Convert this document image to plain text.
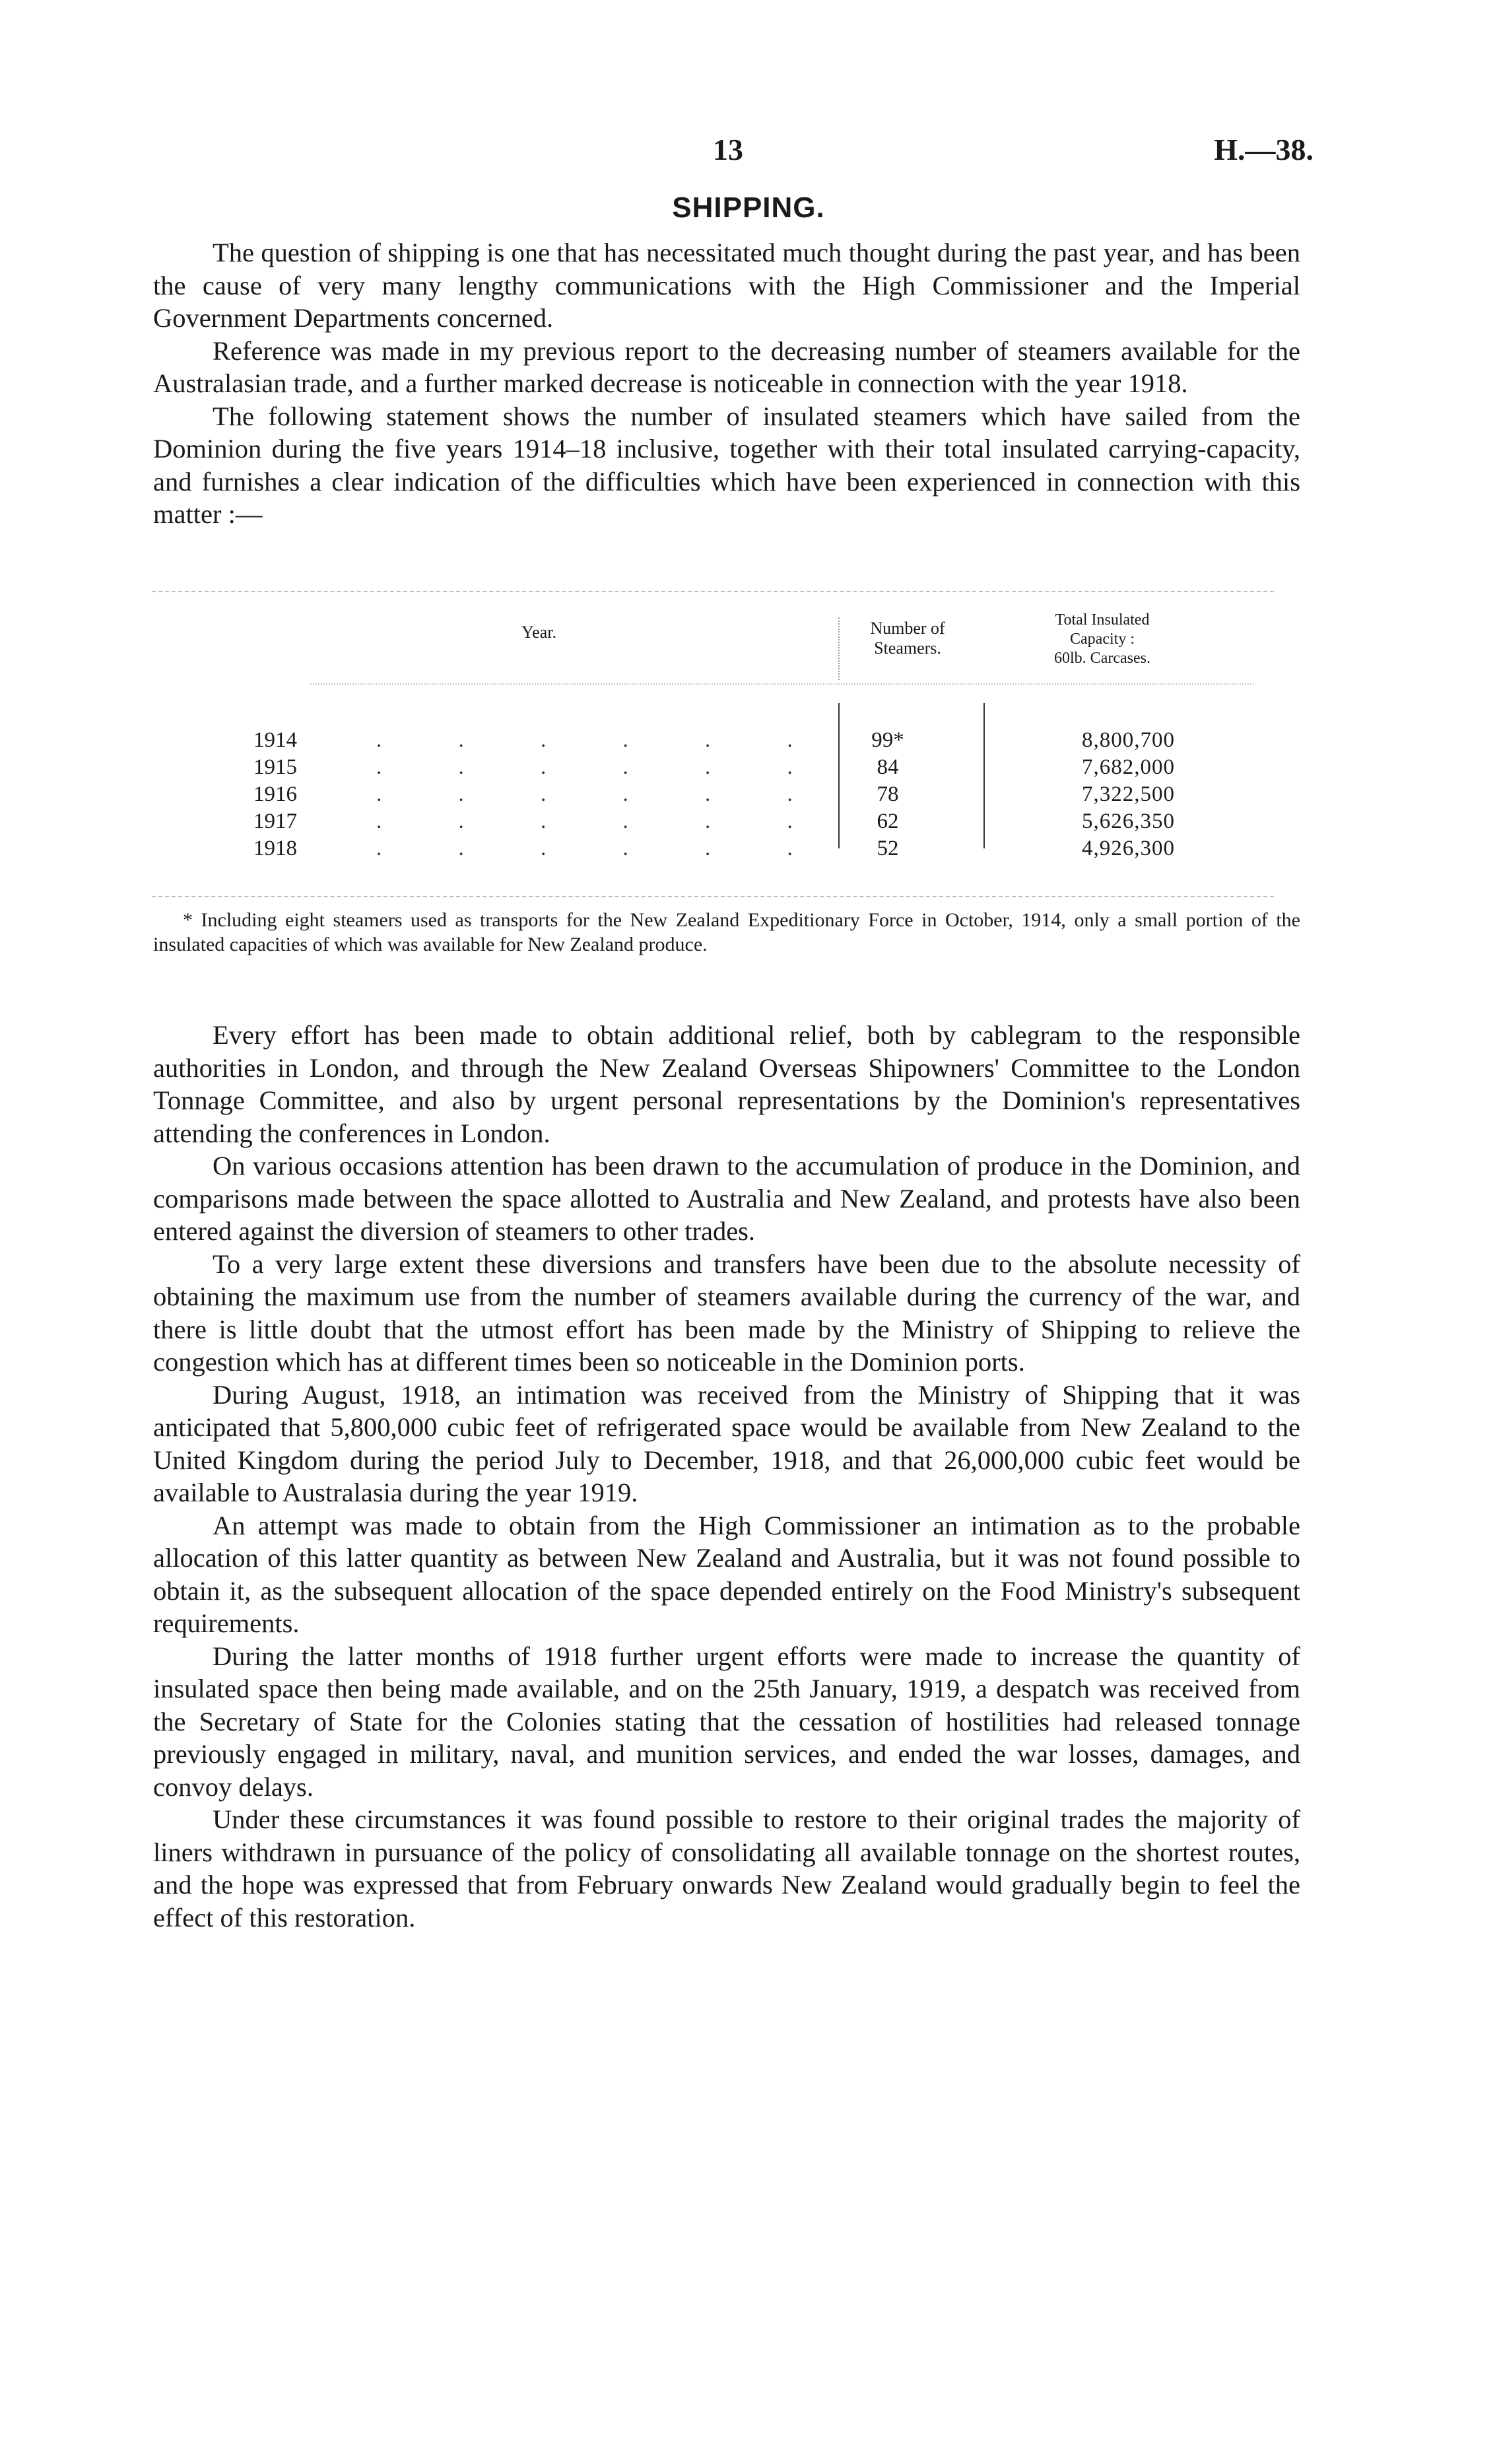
13	H.—38.
SHIPPING.

The question of shipping is one that has necessitated much thought during the past year, and has been the cause of very many lengthy communications with the High Commissioner and the Imperial Government Departments concerned.

Reference was made in my previous report to the decreasing number of steamers available for the Australasian trade, and a further marked decrease is noticeable in connection with the year 1918.

The following statement shows the number of insulated steamers which have sailed from the Dominion during the five years 1914–18 inclusive, together with their total insulated carrying-capacity, and furnishes a clear indication of the difficulties which have been experienced in connection with this matter :—

Year.	Number of
Steamers.
Total Insulated
Capacity :
60lb. Carcases.
1914	. . . . . .	99*	8,800,700
1915	. . . . . .	84	7,682,000
1916	. . . . . .	78	7,322,500
1917	. . . . . .	62	5,626,350
1918	. . . . . .	52	4,926,300

* Including eight steamers used as transports for the New Zealand Expeditionary Force in October, 1914, only a small portion of the insulated capacities of which was available for New Zealand produce.

Every effort has been made to obtain additional relief, both by cablegram to the responsible authorities in London, and through the New Zealand Overseas Shipowners' Committee to the London Tonnage Committee, and also by urgent personal representations by the Dominion's representatives attending the conferences in London.

On various occasions attention has been drawn to the accumulation of produce in the Dominion, and comparisons made between the space allotted to Australia and New Zealand, and protests have also been entered against the diversion of steamers to other trades.

To a very large extent these diversions and transfers have been due to the absolute necessity of obtaining the maximum use from the number of steamers available during the currency of the war, and there is little doubt that the utmost effort has been made by the Ministry of Shipping to relieve the congestion which has at different times been so noticeable in the Dominion ports.

During August, 1918, an intimation was received from the Ministry of Shipping that it was anticipated that 5,800,000 cubic feet of refrigerated space would be available from New Zealand to the United Kingdom during the period July to December, 1918, and that 26,000,000 cubic feet would be available to Australasia during the year 1919.

An attempt was made to obtain from the High Commissioner an intimation as to the probable allocation of this latter quantity as between New Zealand and Australia, but it was not found possible to obtain it, as the subsequent allocation of the space depended entirely on the Food Ministry's subsequent requirements.

During the latter months of 1918 further urgent efforts were made to increase the quantity of insulated space then being made available, and on the 25th January, 1919, a despatch was received from the Secretary of State for the Colonies stating that the cessation of hostilities had released tonnage previously engaged in military, naval, and munition services, and ended the war losses, damages, and convoy delays.

Under these circumstances it was found possible to restore to their original trades the majority of liners withdrawn in pursuance of the policy of consolidating all available tonnage on the shortest routes, and the hope was expressed that from February onwards New Zealand would gradually begin to feel the effect of this restoration.
